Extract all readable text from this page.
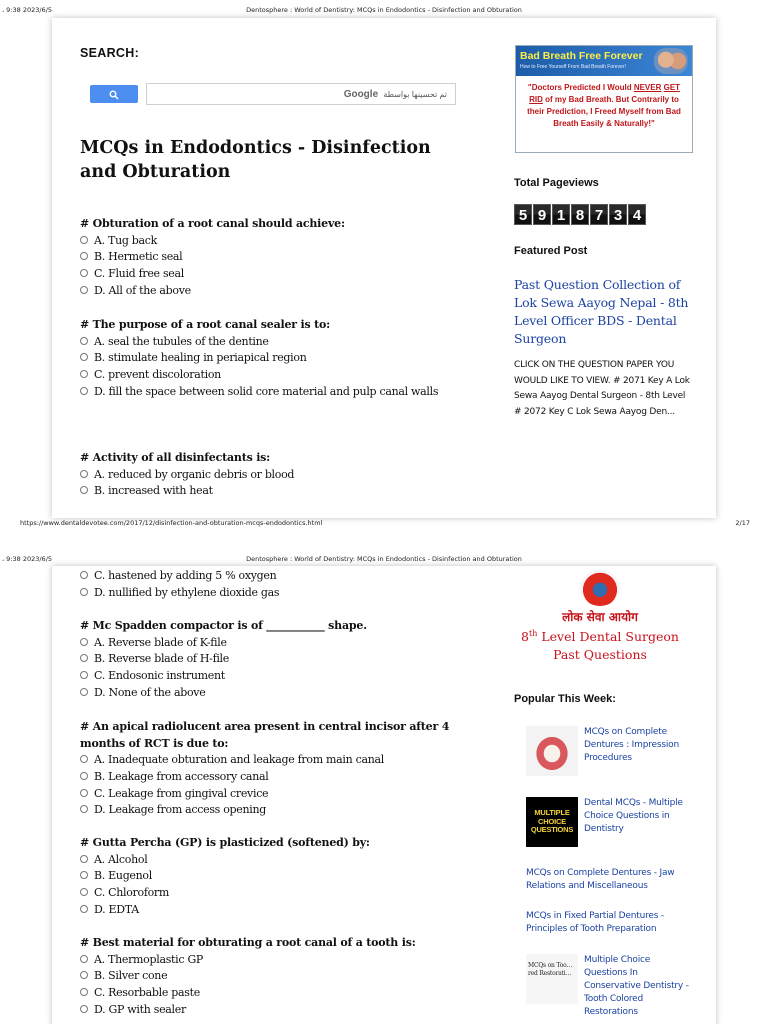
، 9:38 2023/6/5	Dentosphere : World of Dentistry: MCQs in Endodontics - Disinfection and Obturation
SEARCH:
Google تم تحسينها بواسطة
MCQs in Endodontics - Disinfection and Obturation
# Obturation of a root canal should achieve:
A. Tug back
B. Hermetic seal
C. Fluid free seal
D. All of the above
# The purpose of a root canal sealer is to:
A. seal the tubules of the dentine
B. stimulate healing in periapical region
C. prevent discoloration
D. fill the space between solid core material and pulp canal walls
# Activity of all disinfectants is:
A. reduced by organic debris or blood
B. increased with heat
Bad Breath Free Forever
How to Free Yourself From Bad Breath Forever!
"Doctors Predicted I Would NEVER GET RID of my Bad Breath. But Contrarily to their Prediction, I Freed Myself from Bad Breath Easily & Naturally!"
Total Pageviews
5 9 1 8 7 3 4
Featured Post
Past Question Collection of Lok Sewa Aayog Nepal - 8th Level Officer BDS - Dental Surgeon
CLICK ON THE QUESTION PAPER YOU WOULD LIKE TO VIEW. # 2071 Key A Lok Sewa Aayog Dental Surgeon - 8th Level # 2072 Key C Lok Sewa Aayog Den...
https://www.dentaldevotee.com/2017/12/disinfection-and-obturation-mcqs-endodontics.html	2/17
، 9:38 2023/6/5	Dentosphere : World of Dentistry: MCQs in Endodontics - Disinfection and Obturation
C. hastened by adding 5 % oxygen
D. nullified by ethylene dioxide gas
# Mc Spadden compactor is of ___________ shape.
A. Reverse blade of K-file
B. Reverse blade of H-file
C. Endosonic instrument
D. None of the above
# An apical radiolucent area present in central incisor after 4 months of RCT is due to:
A. Inadequate obturation and leakage from main canal
B. Leakage from accessory canal
C. Leakage from gingival crevice
D. Leakage from access opening
# Gutta Percha (GP) is plasticized (softened) by:
A. Alcohol
B. Eugenol
C. Chloroform
D. EDTA
# Best material for obturating a root canal of a tooth is:
A. Thermoplastic GP
B. Silver cone
C. Resorbable paste
D. GP with sealer
लोक सेवा आयोग
8th Level Dental Surgeon
Past Questions
Popular This Week:
MCQs on Complete Dentures : Impression Procedures
MULTIPLE CHOICE QUESTIONS
Dental MCQs - Multiple Choice Questions in Dentistry
MCQs on Complete Dentures - Jaw Relations and Miscellaneous
MCQs in Fixed Partial Dentures - Principles of Tooth Preparation
MCQs on Too… red Restorati…
Multiple Choice Questions In Conservative Dentistry - Tooth Colored Restorations
